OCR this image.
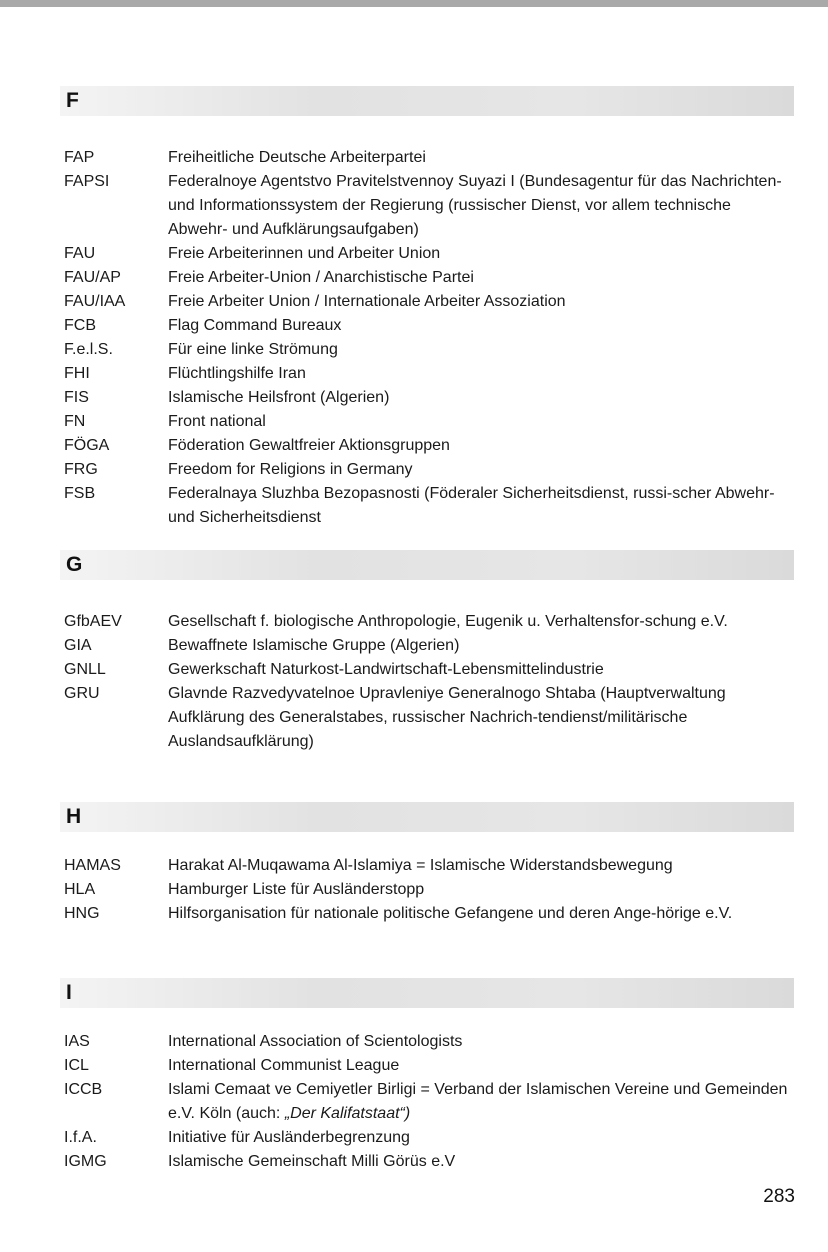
F
FAP	Freiheitliche Deutsche Arbeiterpartei
FAPSI	Federalnoye Agentstvo Pravitelstvennoy Suyazi I (Bundesagentur für das Nachrichten- und Informationssystem der Regierung (russischer Dienst, vor allem technische Abwehr- und Aufklärungsaufgaben)
FAU	Freie Arbeiterinnen und Arbeiter Union
FAU/AP	Freie Arbeiter-Union / Anarchistische Partei
FAU/IAA	Freie Arbeiter Union / Internationale Arbeiter Assoziation
FCB	Flag Command Bureaux
F.e.l.S.	Für eine linke Strömung
FHI	Flüchtlingshilfe Iran
FIS	Islamische Heilsfront (Algerien)
FN	Front national
FÖGA	Föderation Gewaltfreier Aktionsgruppen
FRG	Freedom for Religions in Germany
FSB	Federalnaya Sluzhba Bezopasnosti (Föderaler Sicherheitsdienst, russi-scher Abwehr- und Sicherheitsdienst
G
GfbAEV	Gesellschaft f. biologische Anthropologie, Eugenik u. Verhaltensfor-schung e.V.
GIA	Bewaffnete Islamische Gruppe (Algerien)
GNLL	Gewerkschaft Naturkost-Landwirtschaft-Lebensmittelindustrie
GRU	Glavnde Razvedyvatelnoe Upravleniye Generalnogo Shtaba (Hauptverwaltung Aufklärung des Generalstabes, russischer Nachrich-tendienst/militärische Auslandsaufklärung)
H
HAMAS	Harakat Al-Muqawama Al-Islamiya = Islamische Widerstandsbewegung
HLA	Hamburger Liste für Ausländerstopp
HNG	Hilfsorganisation für nationale politische Gefangene und deren Ange-hörige e.V.
I
IAS	International Association of Scientologists
ICL	International Communist League
ICCB	Islami Cemaat ve Cemiyetler Birligi = Verband der Islamischen Vereine und Gemeinden e.V. Köln (auch: „Der Kalifatstaat“)
I.f.A.	Initiative für Ausländerbegrenzung
IGMG	Islamische Gemeinschaft Milli Görüs e.V
283
